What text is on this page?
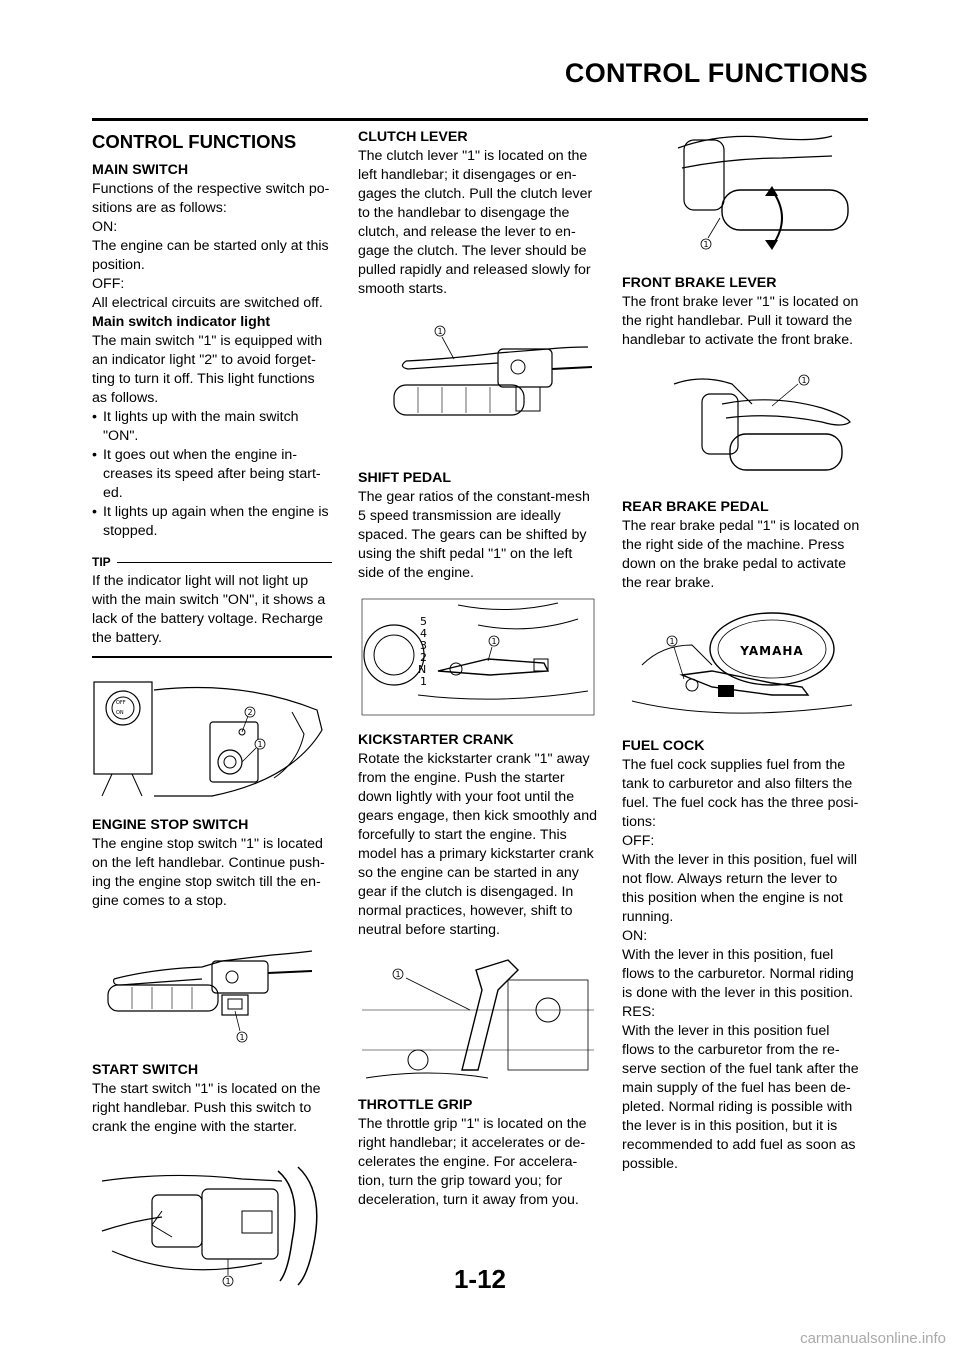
CONTROL FUNCTIONS
CONTROL FUNCTIONS

MAIN SWITCH

Functions of the respective switch po-sitions are as follows:

ON:

The engine can be started only at this position.

OFF:

All electrical circuits are switched off.

Main switch indicator light

The main switch "1" is equipped with an indicator light "2" to avoid forget-ting to turn it off. This light functions as follows.

• It lights up with the main switch "ON".
• It goes out when the engine in-creases its speed after being start-ed.
• It lights up again when the engine is stopped.
TIP

If the indicator light will not light up with the main switch "ON", it shows a lack of the battery voltage. Recharge the battery.

OFF
ON	2
1

ENGINE STOP SWITCH

The engine stop switch "1" is located on the left handlebar. Continue push-ing the engine stop switch till the en-gine comes to a stop.

1

START SWITCH

The start switch "1" is located on the right handlebar. Push this switch to crank the engine with the starter.

1

CLUTCH LEVER

The clutch lever "1" is located on the left handlebar; it disengages or en-gages the clutch. Pull the clutch lever to the handlebar to disengage the clutch, and release the lever to en-gage the clutch. The lever should be pulled rapidly and released slowly for smooth starts.

1

SHIFT PEDAL

The gear ratios of the constant-mesh 5 speed transmission are ideally spaced. The gears can be shifted by using the shift pedal "1" on the left side of the engine.

5
4
3
2
N
1
1

KICKSTARTER CRANK

Rotate the kickstarter crank "1" away from the engine. Push the starter down lightly with your foot until the gears engage, then kick smoothly and forcefully to start the engine. This model has a primary kickstarter crank so the engine can be started in any gear if the clutch is disengaged. In normal practices, however, shift to neutral before starting.

1

THROTTLE GRIP

The throttle grip "1" is located on the right handlebar; it accelerates or de-celerates the engine. For accelera-tion, turn the grip toward you; for deceleration, turn it away from you.

1

FRONT BRAKE LEVER

The front brake lever "1" is located on the right handlebar. Pull it toward the handlebar to activate the front brake.

1

REAR BRAKE PEDAL

The rear brake pedal "1" is located on the right side of the machine. Press down on the brake pedal to activate the rear brake.

YAMAHA
1

FUEL COCK

The fuel cock supplies fuel from the tank to carburetor and also filters the fuel. The fuel cock has the three posi-tions:

OFF:

With the lever in this position, fuel will not flow. Always return the lever to this position when the engine is not running.

ON:

With the lever in this position, fuel flows to the carburetor. Normal riding is done with the lever in this position.

RES:

With the lever in this position fuel flows to the carburetor from the re-serve section of the fuel tank after the main supply of the fuel has been de-pleted. Normal riding is possible with the lever is in this position, but it is recommended to add fuel as soon as possible.

1-12
carmanualsonline.info
